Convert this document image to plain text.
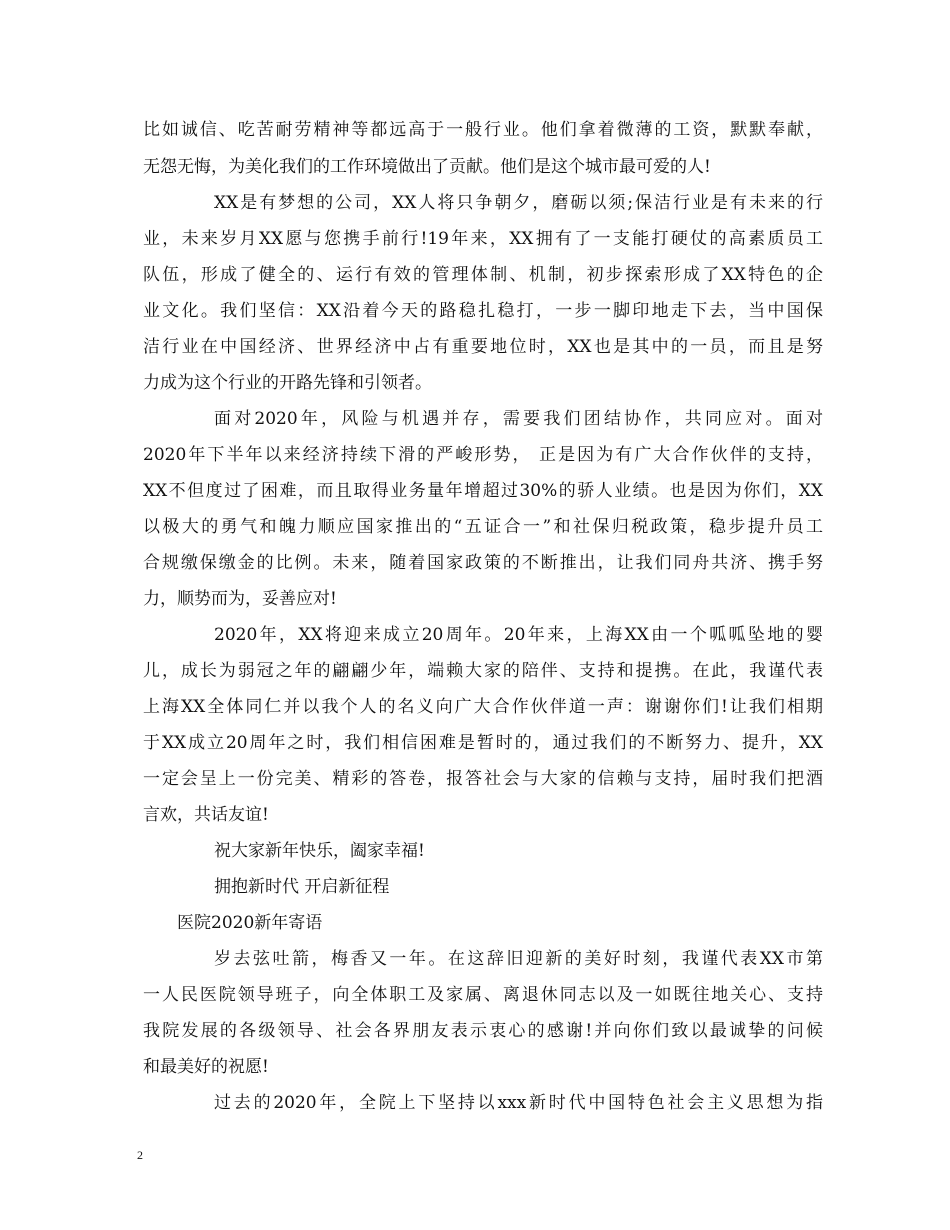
比如诚信、吃苦耐劳精神等都远高于一般行业。他们拿着微薄的工资，默默奉献，
无怨无悔，为美化我们的工作环境做出了贡献。他们是这个城市最可爱的人!
XX是有梦想的公司，XX人将只争朝夕，磨砺以须;保洁行业是有未来的行
业，未来岁月XX愿与您携手前行!19年来，XX拥有了一支能打硬仗的高素质员工
队伍，形成了健全的、运行有效的管理体制、机制，初步探索形成了XX特色的企
业文化。我们坚信：XX沿着今天的路稳扎稳打，一步一脚印地走下去，当中国保
洁行业在中国经济、世界经济中占有重要地位时，XX也是其中的一员，而且是努
力成为这个行业的开路先锋和引领者。
面对2020年，风险与机遇并存，需要我们团结协作，共同应对。面对
2020年下半年以来经济持续下滑的严峻形势， 正是因为有广大合作伙伴的支持，
XX不但度过了困难，而且取得业务量年增超过30%的骄人业绩。也是因为你们，XX
以极大的勇气和魄力顺应国家推出的“五证合一”和社保归税政策，稳步提升员工
合规缴保缴金的比例。未来，随着国家政策的不断推出，让我们同舟共济、携手努
力，顺势而为，妥善应对!
2020年，XX将迎来成立20周年。20年来，上海XX由一个呱呱坠地的婴
儿，成长为弱冠之年的翩翩少年，端赖大家的陪伴、支持和提携。在此，我谨代表
上海XX全体同仁并以我个人的名义向广大合作伙伴道一声：谢谢你们!让我们相期
于XX成立20周年之时，我们相信困难是暂时的，通过我们的不断努力、提升，XX
一定会呈上一份完美、精彩的答卷，报答社会与大家的信赖与支持，届时我们把酒
言欢，共话友谊!
祝大家新年快乐，阖家幸福!
拥抱新时代 开启新征程
医院2020新年寄语
岁去弦吐箭，梅香又一年。在这辞旧迎新的美好时刻，我谨代表XX市第
一人民医院领导班子，向全体职工及家属、离退休同志以及一如既往地关心、支持
我院发展的各级领导、社会各界朋友表示衷心的感谢!并向你们致以最诚挚的问候
和最美好的祝愿!
过去的2020年，全院上下坚持以xxx新时代中国特色社会主义思想为指
2
